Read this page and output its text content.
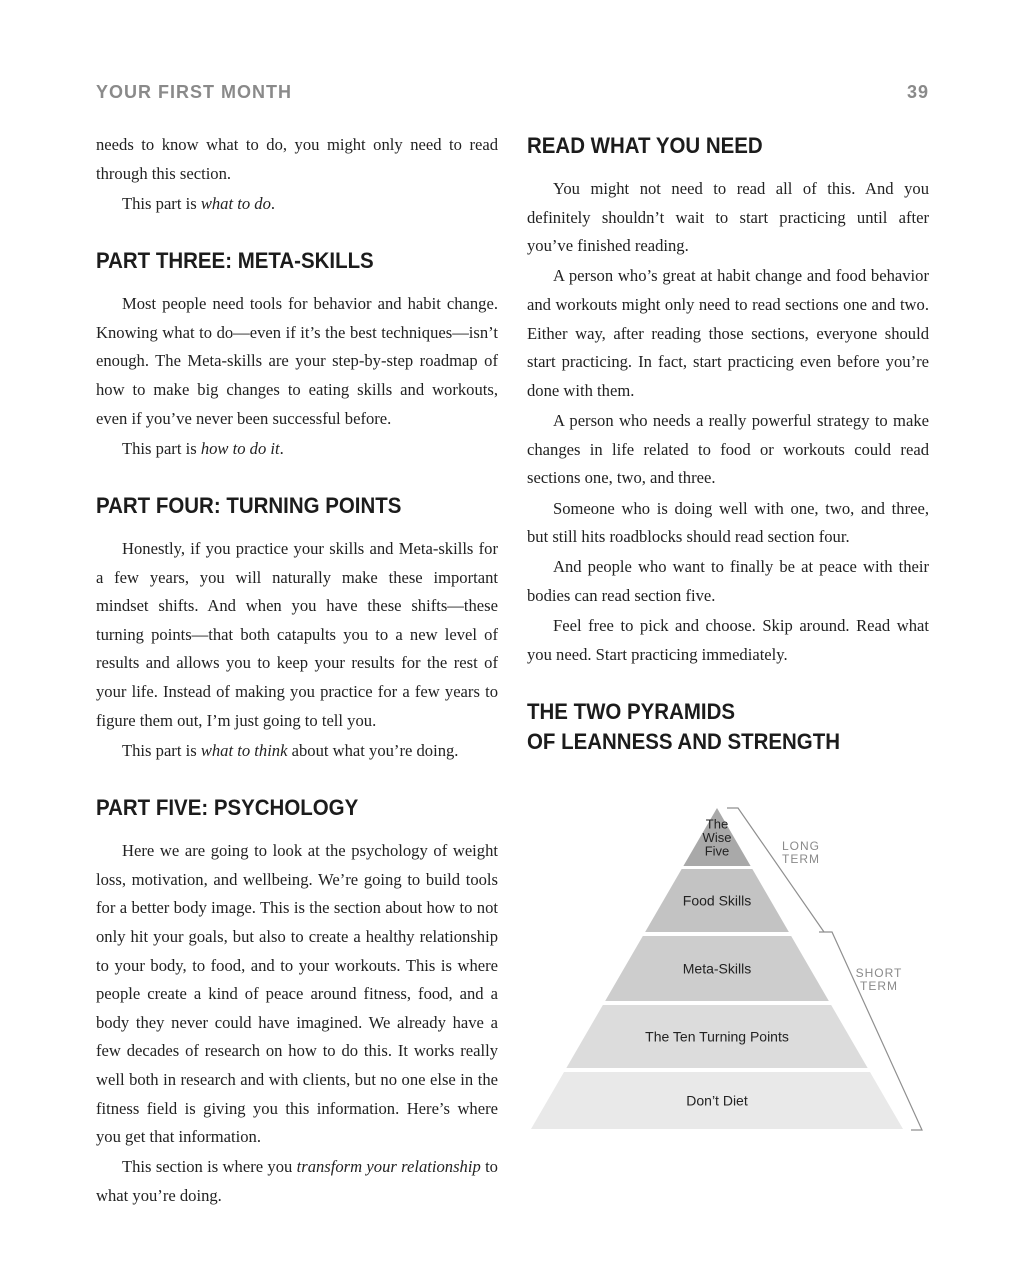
YOUR FIRST MONTH	39

needs to know what to do, you might only need to read through this section.

This part is what to do.

PART THREE: META-SKILLS

Most people need tools for behavior and habit change. Knowing what to do—even if it’s the best techniques—isn’t enough. The Meta-skills are your step-by-step roadmap of how to make big changes to eating skills and workouts, even if you’ve never been successful before.

This part is how to do it.

PART FOUR: TURNING POINTS

Honestly, if you practice your skills and Meta-skills for a few years, you will naturally make these important mindset shifts. And when you have these shifts—these turning points—that both catapults you to a new level of results and allows you to keep your results for the rest of your life. Instead of making you practice for a few years to figure them out, I’m just going to tell you.

This part is what to think about what you’re doing.

PART FIVE: PSYCHOLOGY

Here we are going to look at the psychology of weight loss, motivation, and wellbeing. We’re going to build tools for a better body image. This is the section about how to not only hit your goals, but also to create a healthy relationship to your body, to food, and to your workouts. This is where people create a kind of peace around fitness, food, and a body they never could have imagined. We already have a few decades of research on how to do this. It works really well both in research and with clients, but no one else in the fitness field is giving you this information. Here’s where you get that information.

This section is where you transform your relationship to what you’re doing.

READ WHAT YOU NEED

You might not need to read all of this. And you definitely shouldn’t wait to start practicing until after you’ve finished reading.

A person who’s great at habit change and food behavior and workouts might only need to read sections one and two. Either way, after reading those sections, everyone should start practicing. In fact, start practicing even before you’re done with them.

A person who needs a really powerful strategy to make changes in life related to food or workouts could read sections one, two, and three.

Someone who is doing well with one, two, and three, but still hits roadblocks should read section four.

And people who want to finally be at peace with their bodies can read section five.

Feel free to pick and choose. Skip around. Read what you need. Start practicing immediately.

THE TWO PYRAMIDS
OF LEANNESS AND STRENGTH
The
Wise
Five
Food Skills
Meta-Skills
The Ten Turning Points
Don’t Diet
LONG
TERM
SHORT
TERM
